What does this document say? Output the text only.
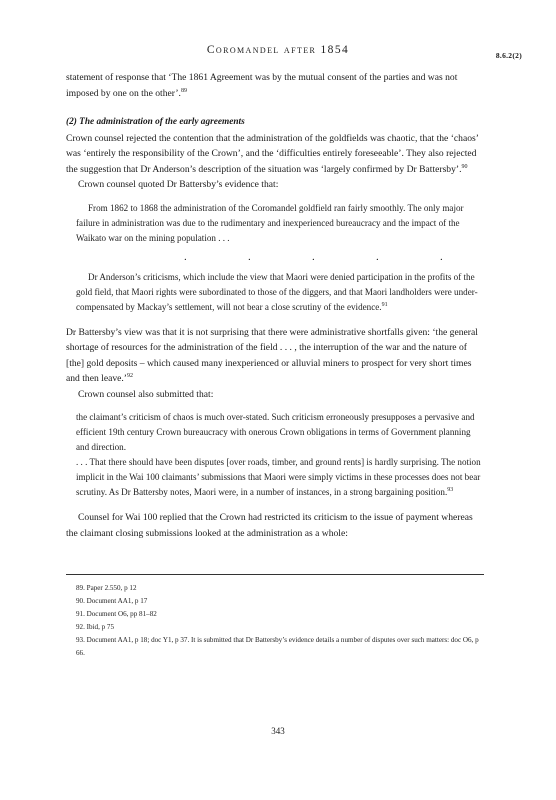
Coromandel after 1854	8.6.2(2)

statement of response that ‘The 1861 Agreement was by the mutual consent of the parties and was not imposed by one on the other’.$^{89}$

(2) The administration of the early agreements

Crown counsel rejected the contention that the administration of the goldfields was chaotic, that the ‘chaos’ was ‘entirely the responsibility of the Crown’, and the ‘difficulties entirely foreseeable’. They also rejected the suggestion that Dr Anderson’s description of the situation was ‘largely confirmed by Dr Battersby’.$^{90}$

Crown counsel quoted Dr Battersby’s evidence that:

From 1862 to 1868 the administration of the Coromandel goldfield ran fairly smoothly. The only major failure in administration was due to the rudimentary and inexperienced bureaucracy and the impact of the Waikato war on the mining population . . .

.	.	.	.	.

Dr Anderson’s criticisms, which include the view that Maori were denied participation in the profits of the gold field, that Maori rights were subordinated to those of the diggers, and that Maori landholders were under-compensated by Mackay’s settlement, will not bear a close scrutiny of the evidence.$^{91}$

Dr Battersby’s view was that it is not surprising that there were administrative shortfalls given: ‘the general shortage of resources for the administration of the field . . . , the interruption of the war and the nature of [the] gold deposits – which caused many inexperienced or alluvial miners to prospect for very short times and then leave.’$^{92}$

Crown counsel also submitted that:

the claimant’s criticism of chaos is much over-stated. Such criticism erroneously presupposes a pervasive and efficient 19th century Crown bureaucracy with onerous Crown obligations in terms of Government planning and direction.

. . . That there should have been disputes [over roads, timber, and ground rents] is hardly surprising. The notion implicit in the Wai 100 claimants’ submissions that Maori were simply victims in these processes does not bear scrutiny. As Dr Battersby notes, Maori were, in a number of instances, in a strong bargaining position.$^{93}$

Counsel for Wai 100 replied that the Crown had restricted its criticism to the issue of payment whereas the claimant closing submissions looked at the administration as a whole:

89. Paper 2.550, p 12
90. Document AA1, p 17
91. Document O6, pp 81–82
92. Ibid, p 75
93. Document AA1, p 18; doc Y1, p 37. It is submitted that Dr Battersby’s evidence details a number of disputes over such matters: doc O6, p 66.
343
